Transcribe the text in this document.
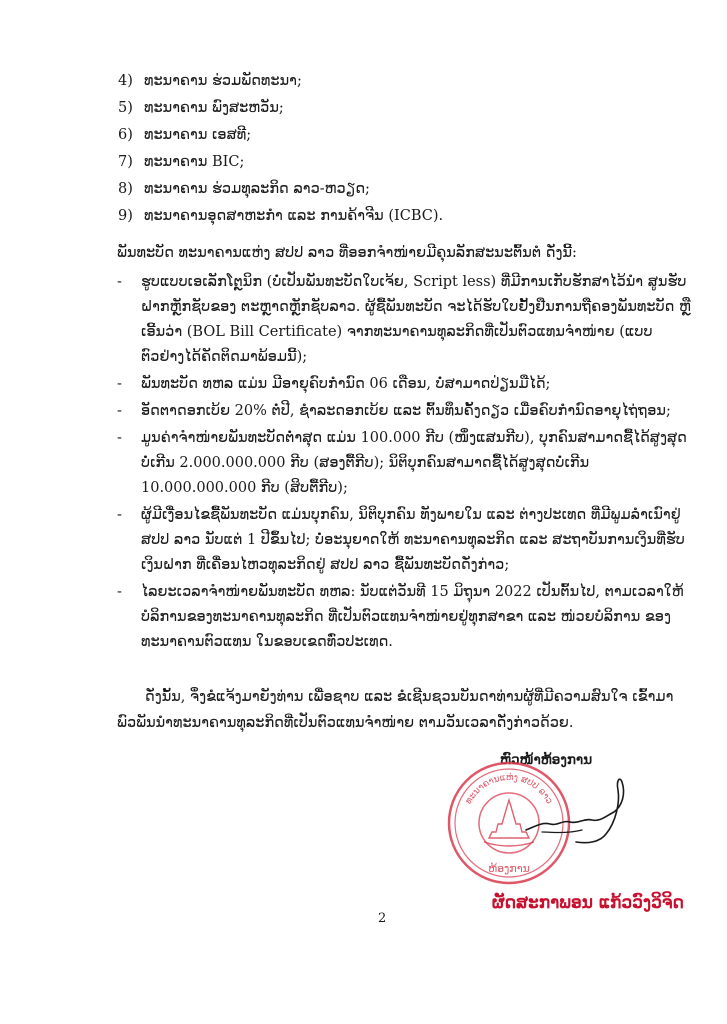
4) ທະນາຄານ ຮ່ວມພັດທະນາ;
5) ທະນາຄານ ພົງສະຫວັນ;
6) ທະນາຄານ ເອສທີ;
7) ທະນາຄານ BIC;
8) ທະນາຄານ ຮ່ວມທຸລະກິດ ລາວ-ຫວຽດ;
9) ທະນາຄານອຸດສາຫະກຳ ແລະ ການຄ້າຈີນ (ICBC).
ພັນທະບັດ ທະນາຄານແຫ່ງ ສປປ ລາວ ທີ່ອອກຈຳໜ່າຍມີຄຸນລັກສະນະຕົ້ນຕໍ ດັ່ງນີ້:
- ຮູບແບບເອເລັກໂຕຼນິກ (ບໍ່ເປັນພັນທະບັດໃບເຈ້ຍ, Script less) ທີ່ມີການເກັບຮັກສາໄວ້ນຳ ສູນຮັບຝາກຫຼັກຊັບຂອງ ຕະຫຼາດຫຼັກຊັບລາວ. ຜູ້ຊື້ພັນທະບັດ ຈະໄດ້ຮັບໃບຢັ້ງຢືນການຖືຄອງພັນທະບັດ ຫຼື ເອີ້ນວ່າ (BOL Bill Certificate) ຈາກທະນາຄານທຸລະກິດທີ່ເປັນຕົວແທນຈຳໜ່າຍ (ແບບຕົວຢ່າງໄດ້ຄັດຕິດມາພ້ອມນີ້);
- ພັນທະບັດ ທຫລ ແມ່ນ ມີອາຍຸຄົບກຳນົດ 06 ເດືອນ, ບໍ່ສາມາດປ່ຽນມືໄດ້;
- ອັດຕາດອກເບ້ຍ 20% ຕໍ່ປີ, ຊຳລະດອກເບ້ຍ ແລະ ຕົ້ນທຶນຄັ້ງດຽວ ເມື່ອຄົບກຳນົດອາຍຸໄຖ່ຖອນ;
- ມູນຄ່າຈຳໜ່າຍພັນທະບັດຕ່ຳສຸດ ແມ່ນ 100.000 ກີບ (ໜຶ່ງແສນກີບ), ບຸກຄົນສາມາດຊື້ໄດ້ສູງສຸດບໍ່ເກີນ 2.000.000.000 ກີບ (ສອງຕື້ກີບ); ນິຕິບຸກຄົນສາມາດຊື້ໄດ້ສູງສຸດບໍ່ເກີນ 10.000.000.000 ກີບ (ສິບຕື້ກີບ);
- ຜູ້ມີເງື່ອນໄຂຊື້ພັນທະບັດ ແມ່ນບຸກຄົນ, ນິຕິບຸກຄົນ ທັງພາຍໃນ ແລະ ຕ່າງປະເທດ ທີ່ມີພູມລຳເນົາຢູ່ ສປປ ລາວ ນັບແຕ່ 1 ປີຂຶ້ນໄປ; ບໍ່ອະນຸຍາດໃຫ້ ທະນາຄານທຸລະກິດ ແລະ ສະຖາບັນການເງິນທີ່ຮັບເງິນຝາກ ທີ່ເຄື່ອນໄຫວທຸລະກິດຢູ່ ສປປ ລາວ ຊື້ພັນທະບັດດັ່ງກ່າວ;
- ໄລຍະເວລາຈຳໜ່າຍພັນທະບັດ ທຫລ: ນັບແຕ່ວັນທີ 15 ມິຖຸນາ 2022 ເປັນຕົ້ນໄປ, ຕາມເວລາໃຫ້ບໍລິການຂອງທະນາຄານທຸລະກິດ ທີ່ເປັນຕົວແທນຈຳໜ່າຍຢູ່ທຸກສາຂາ ແລະ ໜ່ວຍບໍລິການ ຂອງທະນາຄານຕົວແທນ ໃນຂອບເຂດທົ່ວປະເທດ.
ດັ່ງນັ້ນ, ຈຶ່ງຂໍແຈ້ງມາຍັງທ່ານ ເພື່ອຊາບ ແລະ ຂໍເຊີນຊວນບັນດາທ່ານຜູ້ທີ່ມີຄວາມສົນໃຈ ເຂົ້າມາພົວພັນນຳທະນາຄານທຸລະກິດທີ່ເປັນຕົວແທນຈຳໜ່າຍ ຕາມວັນເວລາດັ່ງກ່າວດ້ວຍ.
ຫົວໜ້າຫ້ອງການ
ທະນາຄານແຫ່ງ ສປປ ລາວ
ຫ້ອງການ
ຜັດສະກາພອນ ແກ້ວວົງວິຈິດ
2
